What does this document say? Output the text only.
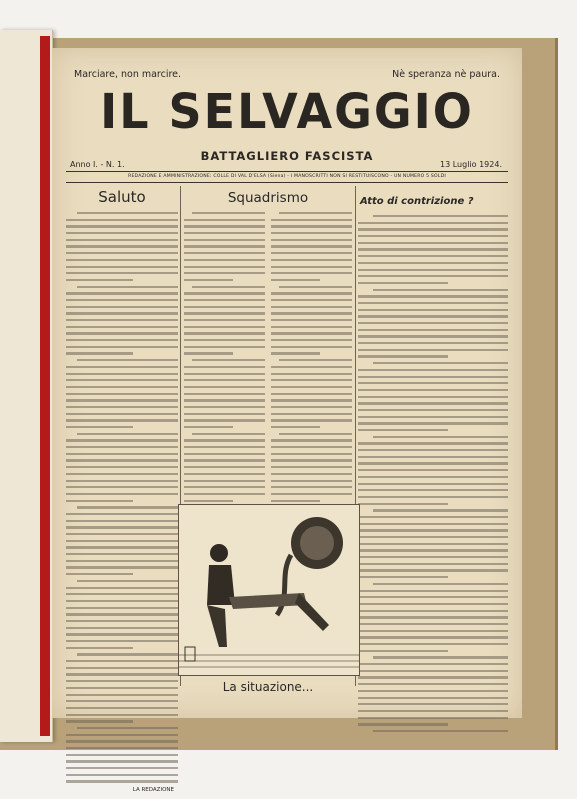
Marciare, non marcire.	Nè speranza nè paura.
IL SELVAGGIO
BATTAGLIERO FASCISTA
Anno I. - N. 1.	13 Luglio 1924.
REDAZIONE E AMMINISTRAZIONE: COLLE DI VAL D'ELSA (Siena) - I MANOSCRITTI NON SI RESTITUISCONO - UN NUMERO 5 SOLDI
Saluto
LA REDAZIONE
Squadrismo	Atto di contrizione ?
La situazione...
